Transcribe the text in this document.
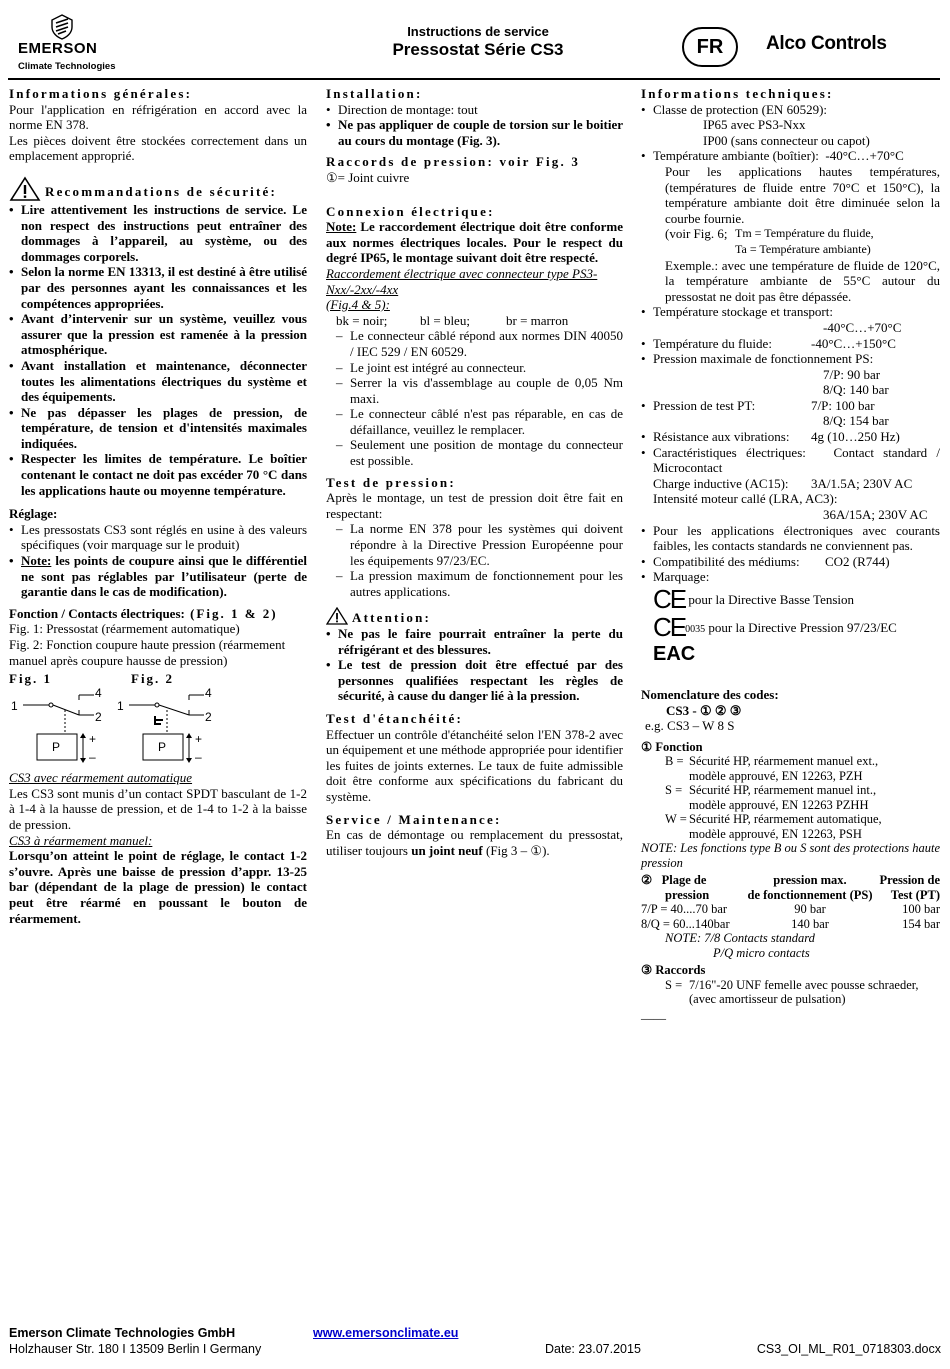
EMERSON
Climate Technologies
Instructions de service
Pressostat Série CS3	FR	Alco Controls
Informations générales:

Pour l'application en réfrigération en accord avec la norme EN 378.

Les pièces doivent être stockées correctement dans un emplacement approprié.

Recommandations de sécurité:
• Lire attentivement les instructions de service. Le non respect des instructions peut entraîner des dommages à l’appareil, au système, ou des dommages corporels.
• Selon la norme EN 13313, il est destiné à être utilisé par des personnes ayant les connaissances et les compétences appropriées.
• Avant d’intervenir sur un système, veuillez vous assurer que la pression est ramenée à la pression atmosphérique.
• Avant installation et maintenance, déconnecter toutes les alimentations électriques du système et des équipements.
• Ne pas dépasser les plages de pression, de température, de tension et d'intensités maximales indiquées.
• Respecter les limites de température. Le boîtier contenant le contact ne doit pas excéder 70 °C dans les applications haute ou moyenne température.
Réglage:
• Les pressostats CS3 sont réglés en usine à des valeurs spécifiques (voir marquage sur le produit)
• Note: les points de coupure ainsi que le différentiel ne sont pas réglables par l’utilisateur (perte de garantie dans le cas de modification).
Fonction / Contacts électriques: (Fig. 1 & 2)

Fig. 1: Pressostat (réarmement automatique)

Fig. 2: Fonction coupure haute pression (réarmement manuel après coupure hausse de pression)

Fig. 1	Fig. 2
4
1
2
P
+
–
4
1
2
P
+
–

CS3 avec réarmement automatique

Les CS3 sont munis d’un contact SPDT basculant de 1-2 à 1-4 à la hausse de pression, et de 1-4 to 1-2 à la baisse de pression.

CS3 à réarmement manuel:

Lorsqu’on atteint le point de réglage, le contact 1-2 s’ouvre. Après une baisse de pression d’appr. 13-25 bar (dépendant de la plage de pression) le contact peut être réarmé en poussant le bouton de réarmement.

Installation:
• Direction de montage: tout
• Ne pas appliquer de couple de torsion sur le boitier au cours du montage (Fig. 3).
Raccords de pression: voir Fig. 3

①= Joint cuivre

Connexion électrique:

Note: Le raccordement électrique doit être conforme aux normes électriques locales. Pour le respect du degré IP65, le montage suivant doit être respecté.

Raccordement électrique avec connecteur type PS3-Nxx/-2xx/-4xx

(Fig.4 & 5):

bk = noir;	bl = bleu;	br = marron
– Le connecteur câblé répond aux normes DIN 40050 / IEC 529 / EN 60529.
– Le joint est intégré au connecteur.
– Serrer la vis d'assemblage au couple de 0,05 Nm maxi.
– Le connecteur câblé n'est pas réparable, en cas de défaillance, veuillez le remplacer.
– Seulement une position de montage du connecteur est possible.
Test de pression:

Après le montage, un test de pression doit être fait en respectant:

– La norme EN 378 pour les systèmes qui doivent répondre à la Directive Pression Européenne pour les équipements 97/23/EC.
– La pression maximum de fonctionnement pour les autres applications.
Attention:
• Ne pas le faire pourrait entraîner la perte du réfrigérant et des blessures.
• Le test de pression doit être effectué par des personnes qualifiées respectant les règles de sécurité, à cause du danger lié à la pression.
Test d'étanchéité:

Effectuer un contrôle d'étanchéité selon l'EN 378-2 avec un équipement et une méthode appropriée pour identifier les fuites de joints externes. Le taux de fuite admissible doit être conforme aux spécifications du fabricant du système.

Service / Maintenance:

En cas de démontage ou remplacement du pressostat, utiliser toujours un joint neuf (Fig 3 – ①).

Informations techniques:
• Classe de protection (EN 60529):
IP65 avec PS3-Nxx
IP00 (sans connecteur ou capot)
• Température ambiante (boîtier): -40°C…+70°C
Pour les applications hautes températures, (températures de fluide entre 70°C et 150°C), la température ambiante doit être diminuée selon la courbe fournie.
(voir Fig. 6; Tm = Température du fluide,
Ta = Température ambiante)
Exemple.: avec une température de fluide de 120°C, la température ambiante de 55°C autour du pressostat ne doit pas être dépassée.
• Température stockage et transport:
-40°C…+70°C
• Température du fluide:	-40°C…+150°C
• Pression maximale de fonctionnement PS:
7/P: 90 bar
8/Q: 140 bar
• Pression de test PT:	7/P: 100 bar
8/Q: 154 bar
• Résistance aux vibrations:	4g (10…250 Hz)
• Caractéristiques électriques: Contact standard / Microcontact
Charge inductive (AC15):	3A/1.5A; 230V AC
Intensité moteur callé (LRA, AC3):
36A/15A; 230V AC
• Pour les applications électroniques avec courants faibles, les contacts standards ne conviennent pas.
• Compatibilité des médiums:	CO2 (R744)
• Marquage:
CE pour la Directive Basse Tension
CE0035 pour la Directive Pression 97/23/EC
EAC
Nomenclature des codes:
CS3 - ① ② ③
e.g. CS3 – W 8 S
① Fonction
B = Sécurité HP, réarmement manuel ext.,
modèle approuvé, EN 12263, PZH
S = Sécurité HP, réarmement manuel int.,
modèle approuvé, EN 12263 PZHH
W = Sécurité HP, réarmement automatique,
modèle approuvé, EN 12263, PSH
NOTE: Les fonctions type B ou S sont des protections haute pression
② Plage de
pression	pression max.
de fonctionnement (PS)	Pression de
Test (PT)
7/P = 40....70 bar	90 bar	100 bar
8/Q = 60...140bar	140 bar	154 bar
NOTE: 7/8 Contacts standard
P/Q micro contacts
③ Raccords
S = 7/16"-20 UNF femelle avec pousse schraeder,
(avec amortisseur de pulsation)
____
Emerson Climate Technologies GmbH
Holzhauser Str. 180 I 13509 Berlin I Germany
www.emersonclimate.eu
Date: 23.07.2015	CS3_OI_ML_R01_0718303.docx
